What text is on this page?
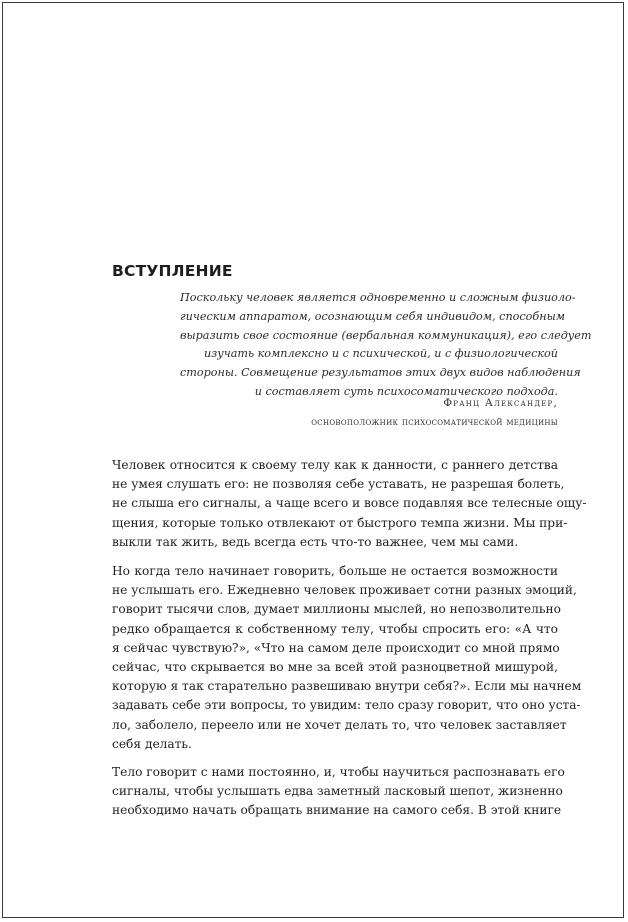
ВСТУПЛЕНИЕ
Поскольку человек является одновременно и сложным физиоло-
гическим аппаратом, осознающим себя индивидом, способным
выразить свое состояние (вербальная коммуникация), его следует
изучать комплексно и с психической, и с физиологической
стороны. Совмещение результатов этих двух видов наблюдения
и составляет суть психосоматического подхода.
Франц Александер,
основоположник психосоматической медицины
Человек относится к своему телу как к данности, с раннего детства
не умея слушать его: не позволяя себе уставать, не разрешая болеть,
не слыша его сигналы, а чаще всего и вовсе подавляя все телесные ощу-
щения, которые только отвлекают от быстрого темпа жизни. Мы при-
выкли так жить, ведь всегда есть что-то важнее, чем мы сами.
Но когда тело начинает говорить, больше не остается возможности
не услышать его. Ежедневно человек проживает сотни разных эмоций,
говорит тысячи слов, думает миллионы мыслей, но непозволительно
редко обращается к собственному телу, чтобы спросить его: «А что
я сейчас чувствую?», «Что на самом деле происходит со мной прямо
сейчас, что скрывается во мне за всей этой разноцветной мишурой,
которую я так старательно развешиваю внутри себя?». Если мы начнем
задавать себе эти вопросы, то увидим: тело сразу говорит, что оно уста-
ло, заболело, переело или не хочет делать то, что человек заставляет
себя делать.
Тело говорит с нами постоянно, и, чтобы научиться распознавать его
сигналы, чтобы услышать едва заметный ласковый шепот, жизненно
необходимо начать обращать внимание на самого себя. В этой книге
